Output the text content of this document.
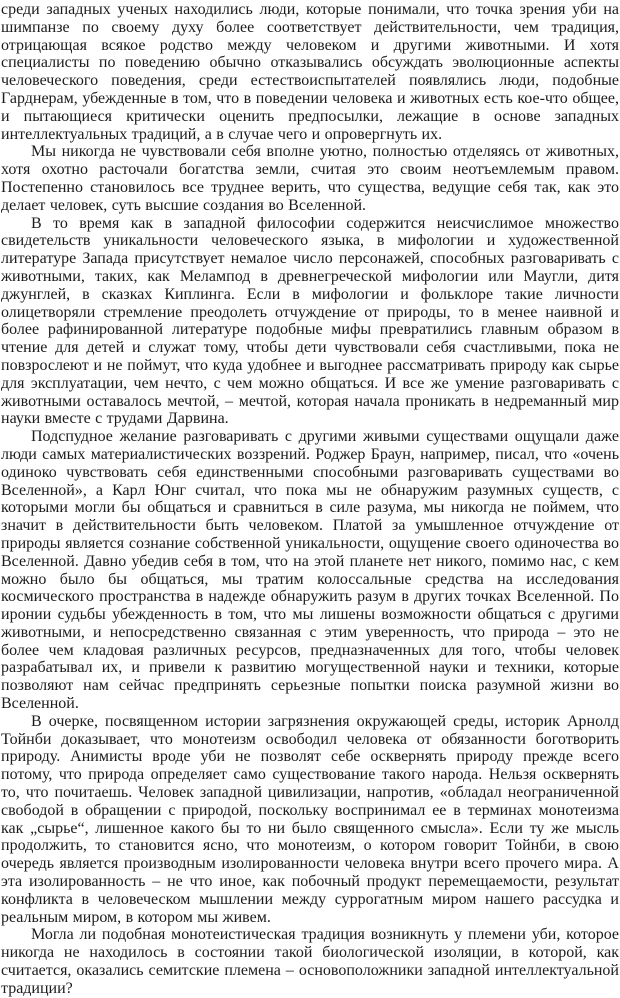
среди западных ученых находились люди, которые понимали, что точка зрения уби на шимпанзе по своему духу более соответствует действительности, чем традиция, отрицающая всякое родство между человеком и другими животными. И хотя специалисты по поведению обычно отказывались обсуждать эволюционные аспекты человеческого поведения, среди естествоиспытателей появлялись люди, подобные Гарднерам, убежденные в том, что в поведении человека и животных есть кое-что общее, и пытающиеся критически оценить предпосылки, лежащие в основе западных интеллектуальных традиций, а в случае чего и опровергнуть их.

Мы никогда не чувствовали себя вполне уютно, полностью отделяясь от животных, хотя охотно расточали богатства земли, считая это своим неотъемлемым правом. Постепенно становилось все труднее верить, что существа, ведущие себя так, как это делает человек, суть высшие создания во Вселенной.

В то время как в западной философии содержится неисчислимое множество свидетельств уникальности человеческого языка, в мифологии и художественной литературе Запада присутствует немалое число персонажей, способных разговаривать с животными, таких, как Мелампод в древнегреческой мифологии или Маугли, дитя джунглей, в сказках Киплинга. Если в мифологии и фольклоре такие личности олицетворяли стремление преодолеть отчуждение от природы, то в менее наивной и более рафинированной литературе подобные мифы превратились главным образом в чтение для детей и служат тому, чтобы дети чувствовали себя счастливыми, пока не повзрослеют и не поймут, что куда удобнее и выгоднее рассматривать природу как сырье для эксплуатации, чем нечто, с чем можно общаться. И все же умение разговаривать с животными оставалось мечтой, – мечтой, которая начала проникать в недреманный мир науки вместе с трудами Дарвина.

Подспудное желание разговаривать с другими живыми существами ощущали даже люди самых материалистических воззрений. Роджер Браун, например, писал, что «очень одиноко чувствовать себя единственными способными разговаривать существами во Вселенной», а Карл Юнг считал, что пока мы не обнаружим разумных существ, с которыми могли бы общаться и сравниться в силе разума, мы никогда не поймем, что значит в действительности быть человеком. Платой за умышленное отчуждение от природы является сознание собственной уникальности, ощущение своего одиночества во Вселенной. Давно убедив себя в том, что на этой планете нет никого, помимо нас, с кем можно было бы общаться, мы тратим колоссальные средства на исследования космического пространства в надежде обнаружить разум в других точках Вселенной. По иронии судьбы убежденность в том, что мы лишены возможности общаться с другими животными, и непосредственно связанная с этим уверенность, что природа – это не более чем кладовая различных ресурсов, предназначенных для того, чтобы человек разрабатывал их, и привели к развитию могущественной науки и техники, которые позволяют нам сейчас предпринять серьезные попытки поиска разумной жизни во Вселенной.

В очерке, посвященном истории загрязнения окружающей среды, историк Арнолд Тойнби доказывает, что монотеизм освободил человека от обязанности боготворить природу. Анимисты вроде уби не позволят себе осквернять природу прежде всего потому, что природа определяет само существование такого народа. Нельзя осквернять то, что почитаешь. Человек западной цивилизации, напротив, «обладал неограниченной свободой в обращении с природой, поскольку воспринимал ее в терминах монотеизма как „сырье“, лишенное какого бы то ни было священного смысла». Если ту же мысль продолжить, то становится ясно, что монотеизм, о котором говорит Тойнби, в свою очередь является производным изолированности человека внутри всего прочего мира. А эта изолированность – не что иное, как побочный продукт перемещаемости, результат конфликта в человеческом мышлении между суррогатным миром нашего рассудка и реальным миром, в котором мы живем.

Могла ли подобная монотеистическая традиция возникнуть у племени уби, которое никогда не находилось в состоянии такой биологической изоляции, в которой, как считается, оказались семитские племена – основоположники западной интеллектуальной традиции?
